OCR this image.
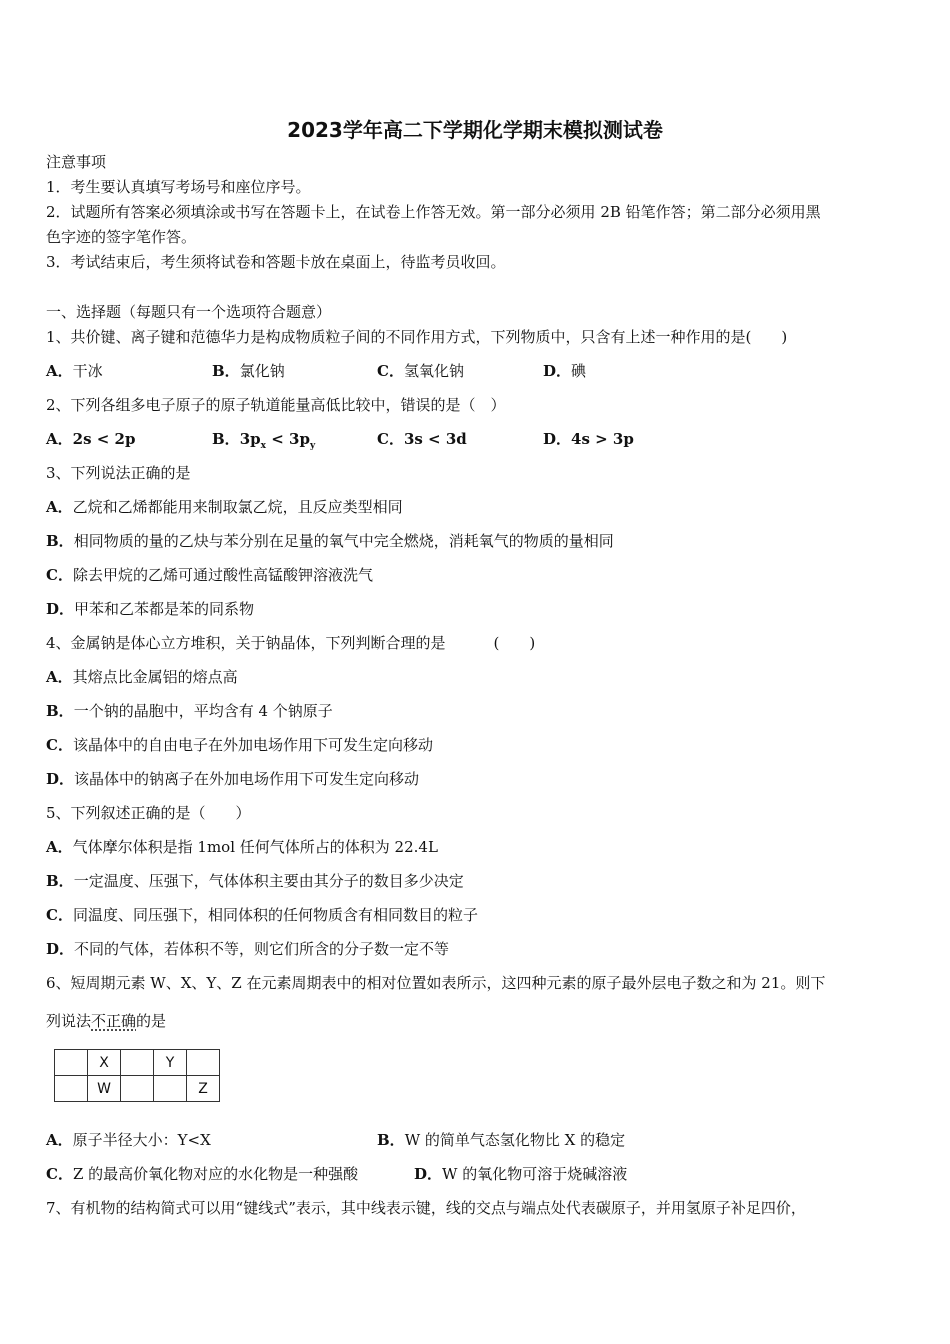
2023学年高二下学期化学期末模拟测试卷
注意事项
1．考生要认真填写考场号和座位序号。
2．试题所有答案必须填涂或书写在答题卡上，在试卷上作答无效。第一部分必须用 2B 铅笔作答；第二部分必须用黑
色字迹的签字笔作答。
3．考试结束后，考生须将试卷和答题卡放在桌面上，待监考员收回。
一、选择题（每题只有一个选项符合题意）
1、共价键、离子键和范德华力是构成物质粒子间的不同作用方式，下列物质中，只含有上述一种作用的是(　　)
A．干冰	B．氯化钠	C．氢氧化钠	D．碘
2、下列各组多电子原子的原子轨道能量高低比较中，错误的是（　）
A．2s < 2p	B．$3p_x < 3p_y$	C．3s < 3d	D．4s > 3p
3、下列说法正确的是
A．乙烷和乙烯都能用来制取氯乙烷，且反应类型相同
B．相同物质的量的乙炔与苯分别在足量的氧气中完全燃烧，消耗氧气的物质的量相同
C．除去甲烷的乙烯可通过酸性高锰酸钾溶液洗气
D．甲苯和乙苯都是苯的同系物
4、金属钠是体心立方堆积，关于钠晶体，下列判断合理的是	(　　)
A．其熔点比金属铝的熔点高
B．一个钠的晶胞中，平均含有 4 个钠原子
C．该晶体中的自由电子在外加电场作用下可发生定向移动
D．该晶体中的钠离子在外加电场作用下可发生定向移动
5、下列叙述正确的是（　　）
A．气体摩尔体积是指 1mol 任何气体所占的体积为 22.4L
B．一定温度、压强下，气体体积主要由其分子的数目多少决定
C．同温度、同压强下，相同体积的任何物质含有相同数目的粒子
D．不同的气体，若体积不等，则它们所含的分子数一定不等
6、短周期元素 W、X、Y、Z 在元素周期表中的相对位置如表所示，这四种元素的原子最外层电子数之和为 21。则下
列说法不正确的是
	X		Y	
	W			Z
A．原子半径大小：Y<X	B．W 的简单气态氢化物比 X 的稳定
C．Z 的最高价氧化物对应的水化物是一种强酸	D．W 的氧化物可溶于烧碱溶液
7、有机物的结构简式可以用“键线式”表示，其中线表示键，线的交点与端点处代表碳原子，并用氢原子补足四价，
